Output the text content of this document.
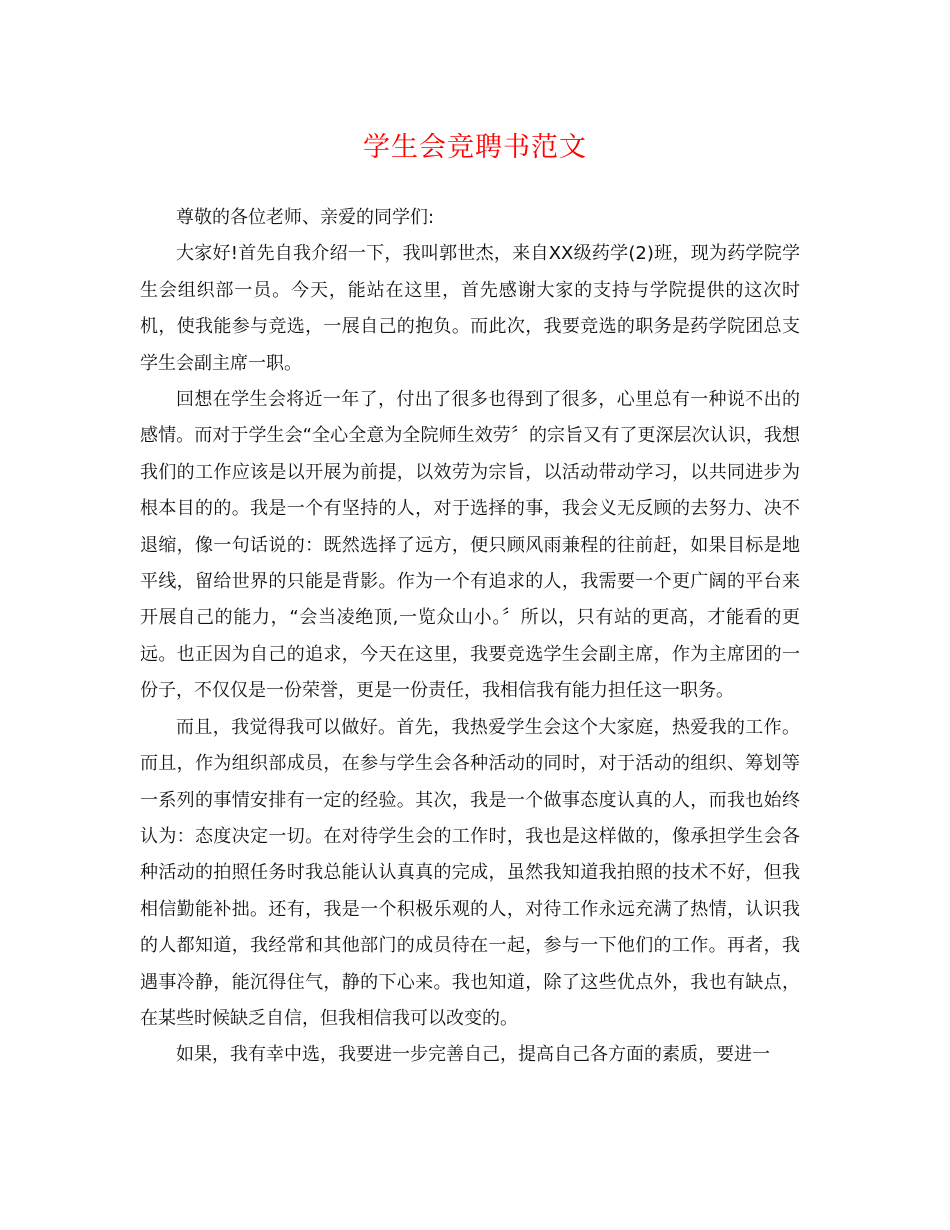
学生会竞聘书范文

尊敬的各位老师、亲爱的同学们:

大家好!首先自我介绍一下，我叫郭世杰，来自XX级药学(2)班，现为药学院学生会组织部一员。今天，能站在这里，首先感谢大家的支持与学院提供的这次时机，使我能参与竞选，一展自己的抱负。而此次，我要竞选的职务是药学院团总支学生会副主席一职。

回想在学生会将近一年了，付出了很多也得到了很多，心里总有一种说不出的感情。而对于学生会“全心全意为全院师生效劳〞的宗旨又有了更深层次认识，我想我们的工作应该是以开展为前提，以效劳为宗旨，以活动带动学习，以共同进步为根本目的的。我是一个有坚持的人，对于选择的事，我会义无反顾的去努力、决不退缩，像一句话说的：既然选择了远方，便只顾风雨兼程的往前赶，如果目标是地平线，留给世界的只能是背影。作为一个有追求的人，我需要一个更广阔的平台来开展自己的能力，“会当凌绝顶,一览众山小。〞所以，只有站的更高，才能看的更远。也正因为自己的追求，今天在这里，我要竞选学生会副主席，作为主席团的一份子，不仅仅是一份荣誉，更是一份责任，我相信我有能力担任这一职务。

而且，我觉得我可以做好。首先，我热爱学生会这个大家庭，热爱我的工作。而且，作为组织部成员，在参与学生会各种活动的同时，对于活动的组织、筹划等一系列的事情安排有一定的经验。其次，我是一个做事态度认真的人，而我也始终认为：态度决定一切。在对待学生会的工作时，我也是这样做的，像承担学生会各种活动的拍照任务时我总能认认真真的完成，虽然我知道我拍照的技术不好，但我相信勤能补拙。还有，我是一个积极乐观的人，对待工作永远充满了热情，认识我的人都知道，我经常和其他部门的成员待在一起，参与一下他们的工作。再者，我遇事冷静，能沉得住气，静的下心来。我也知道，除了这些优点外，我也有缺点，在某些时候缺乏自信，但我相信我可以改变的。

如果，我有幸中选，我要进一步完善自己，提高自己各方面的素质，要进一
